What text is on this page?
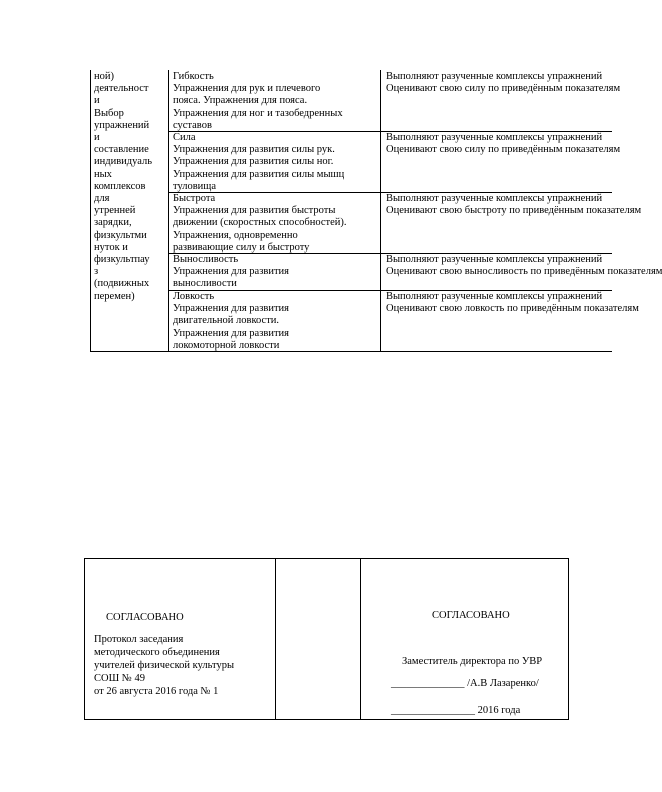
ной)
деятельност
и
Выбор
упражнений
и
составление
индивидуаль
ных
комплексов
для
утренней
зарядки,
физкультми
нуток и
физкультпау
з
(подвижных
перемен)
Гибкость
Упражнения для рук и плечевого
пояса. Упражнения для пояса.
Упражнения для ног и тазобедренных
суставов
Выполняют разученные комплексы упражнений
Оценивают свою силу по приведённым показателям
Сила
Упражнения для развития силы рук.
Упражнения для развития силы ног.
Упражнения для развития силы мышц
туловища
Выполняют разученные комплексы упражнений
Оценивают свою силу по приведённым показателям
Быстрота
Упражнения для развития быстроты
движении (скоростных способностей).
Упражнения, одновременно
развивающие силу и быстроту
Выполняют разученные комплексы упражнений
Оценивают свою быстроту по приведённым показателям
Выносливость
Упражнения для развития
выносливости
Выполняют разученные комплексы упражнений
Оценивают свою выносливость по приведённым показателям
Ловкость
Упражнения для развития
двигательной ловкости.
Упражнения для развития
локомоторной ловкости
Выполняют разученные комплексы упражнений
Оценивают свою ловкость по приведённым показателям
СОГЛАСОВАНО
Протокол заседания
методического объединения
учителей физической культуры
СОШ № 49
от 26 августа 2016 года № 1
СОГЛАСОВАНО
Заместитель директора по УВР
______________ /А.В Лазаренко/
________________ 2016 года
